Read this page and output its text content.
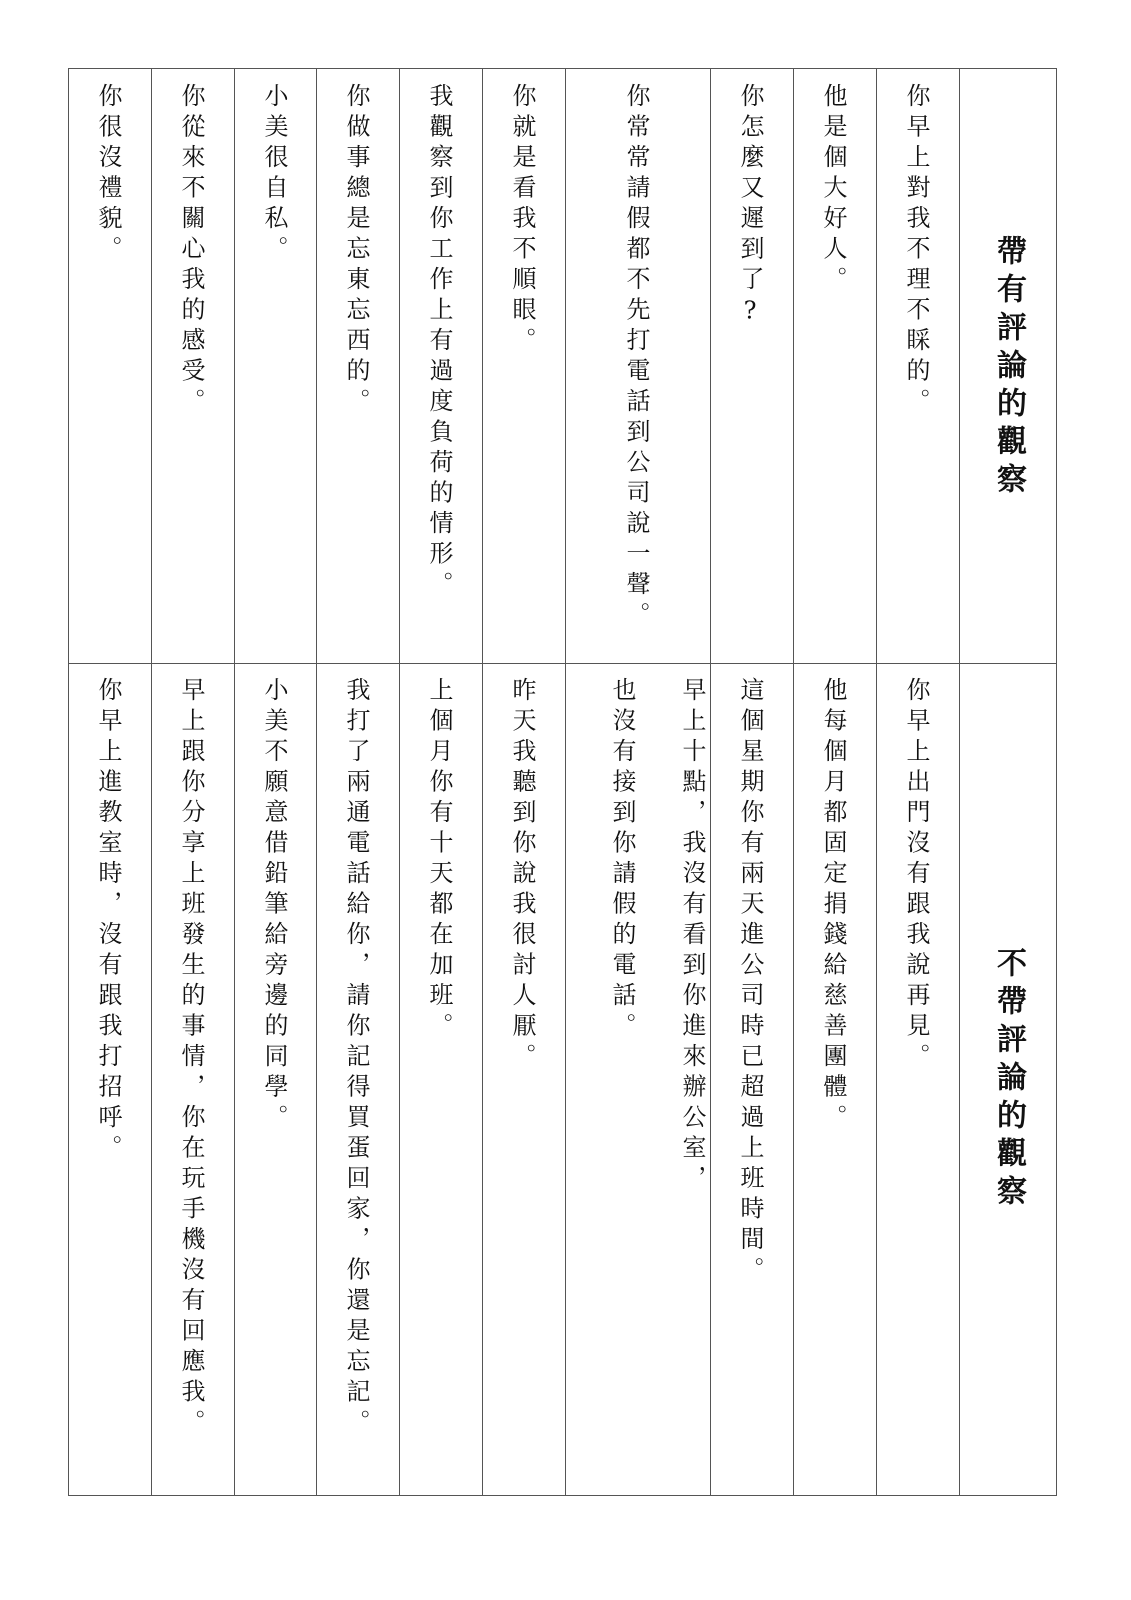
帶有評論的觀察
不帶評論的觀察
你早上對我不理不睬的。
你早上出門沒有跟我說再見。
他是個大好人。
他每個月都固定捐錢給慈善團體。
你怎麼又遲到了?
這個星期你有兩天進公司時已超過上班時間。
你常常請假都不先打電話到公司說一聲。
早上十點，我沒有看到你進來辦公室，
也沒有接到你請假的電話。
你就是看我不順眼。
昨天我聽到你說我很討人厭。
我觀察到你工作上有過度負荷的情形。
上個月你有十天都在加班。
你做事總是忘東忘西的。
我打了兩通電話給你，請你記得買蛋回家，你還是忘記。
小美很自私。
小美不願意借鉛筆給旁邊的同學。
你從來不關心我的感受。
早上跟你分享上班發生的事情，你在玩手機沒有回應我。
你很沒禮貌。
你早上進教室時，沒有跟我打招呼。
